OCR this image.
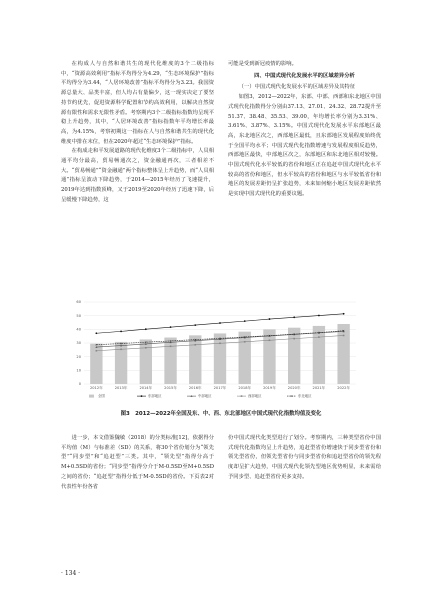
在构成人与自然和谐共生的现代化维度的3个二级指标中，“资源高效利用”指标平均得分为4.29，“生态环境保护”指标平均得分为3.44，“人居环境改善”指标平均得分为3.23。我国资源总量大、品类丰富，但人均占有量偏少，这一现实决定了要坚持节约优先，促进资源科学配置和节约高效利用，以解决自然资源有限性和需求无限性矛盾。考察期内3个二级指标指数均呈现平稳上升趋势，其中，“人居环境改善”指标指数年平均增长率最高，为4.15%，考察初期这一指标在人与自然和谐共生的现代化维度中排在末位，但在2020年超过“生态环境保护”指标。

在构成走和平发展道路的现代化维度3个二级指标中，人员相通平均分最高，贸易畅通次之，资金融通再次，三者相差不大。“贸易畅通”“资金融通”两个指标整体呈上升趋势，而“人员相通”指标呈波动下降趋势，于2014—2015年经历了飞速提升，2019年达到指数顶峰，又于2019至2020年经历了迅速下降，后呈缓慢下降趋势，这

可能是受到新冠疫情的影响。

四、中国式现代化发展水平的区域差异分析

（一）中国式现代化发展水平的区域差异及其特征

如图3，2012—2022年，东部、中部、西部和东北地区中国式现代化指数得分分别由37.13、27.01、24.32、28.72提升至51.37、38.48、35.53、39.00，年均增长率分别为3.31%、3.61%、3.87%、3.15%。中国式现代化发展水平东部地区最高，东北地区次之，西部地区最低，且东部地区发展程度始终优于全国平均水平；中国式现代化指数增速与发展程度相反趋势，西部地区最快，中部地区次之，东部地区和东北地区相对较慢。中国式现代化水平较低的省份和地区正在追赶中国式现代化水平较高的省份和地区，但水平较高的省份和地区与水平较低省份和地区的发展差距仍呈扩张趋势，未来如何缩小地区发展差距依然是实现中国式现代化的重要议题。

0
10
20
30
40
50
60
2012年	2013年	2014年	2015年	2016年	2017年	2018年	2019年	2020年	2021年	2022年
全国	东部地区	中部地区	西部地区	东北地区
图3　2012—2022年全国及东、中、西、东北部地区中国式现代化指数均值及变化

进一步，本文借鉴魏敏（2018）的分类标准[12]，依据得分平均值（M）与标准差（SD）的关系，将30个省份划分为“领先型”“同步型”和“追赶型”三类。其中，“领先型”指得分高于M+0.5SD的省份；“同步型”指得分介于M-0.5SD至M+0.5SD之间的省份；“追赶型”指得分低于M-0.5SD的省份。下页表2对代表性年份各省

份中国式现代化类型进行了划分。考察期内，三种类型省份中国式现代化指数均呈上升趋势，追赶型省份增速快于同步型省份和领先型省份，但领先型省份与同步型省份和追赶型省份的领先程度却呈扩大趋势，中国式现代化领先型地区优势明显，未来需给予同步型、追赶型省份更多支持。

· 134 ·
